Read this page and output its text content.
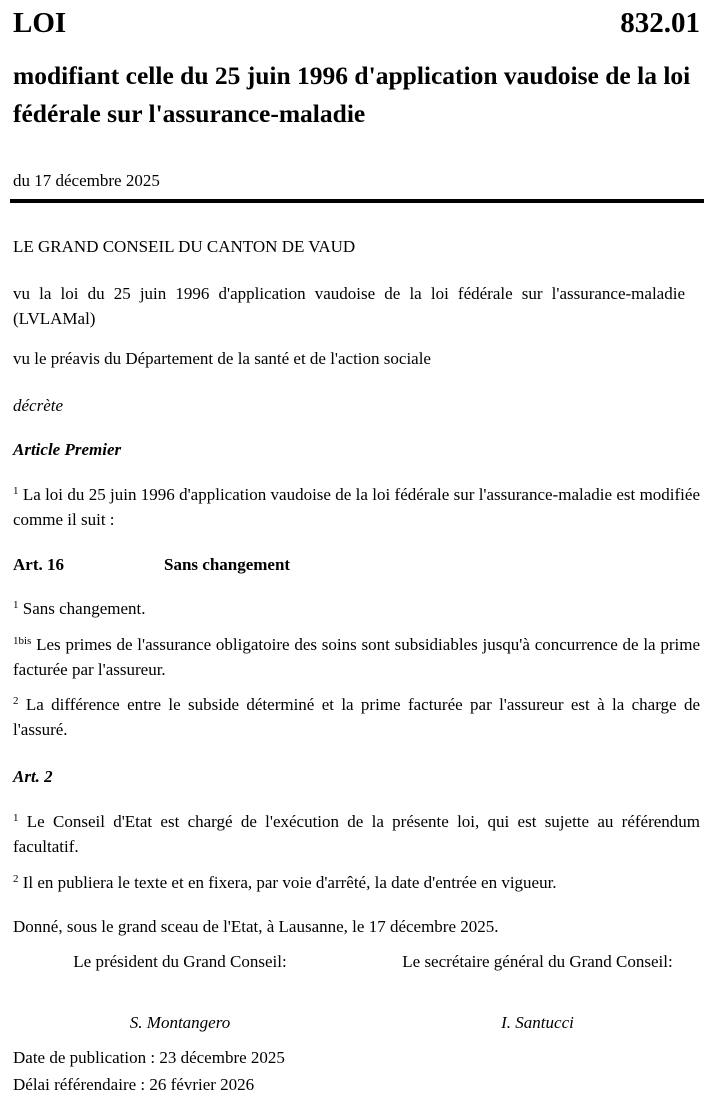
LOI	832.01
modifiant celle du 25 juin 1996 d'application vaudoise de la loi fédérale sur l'assurance-maladie
du 17 décembre 2025
LE GRAND CONSEIL DU CANTON DE VAUD
vu la loi du 25 juin 1996 d'application vaudoise de la loi fédérale sur l'assurance-maladie (LVLAMal)
vu le préavis du Département de la santé et de l'action sociale
décrète
Article Premier
$^1$ La loi du 25 juin 1996 d'application vaudoise de la loi fédérale sur l'assurance-maladie est modifiée comme il suit :
Art. 16	Sans changement
$^1$ Sans changement.
$^{1bis}$ Les primes de l'assurance obligatoire des soins sont subsidiables jusqu'à concurrence de la prime facturée par l'assureur.
$^2$ La différence entre le subside déterminé et la prime facturée par l'assureur est à la charge de l'assuré.
Art. 2
$^1$ Le Conseil d'Etat est chargé de l'exécution de la présente loi, qui est sujette au référendum facultatif.
$^2$ Il en publiera le texte et en fixera, par voie d'arrêté, la date d'entrée en vigueur.
Donné, sous le grand sceau de l'Etat, à Lausanne, le 17 décembre 2025.
Le président du Grand Conseil:	Le secrétaire général du Grand Conseil:
S. Montangero	I. Santucci
Date de publication : 23 décembre 2025
Délai référendaire : 26 février 2026
